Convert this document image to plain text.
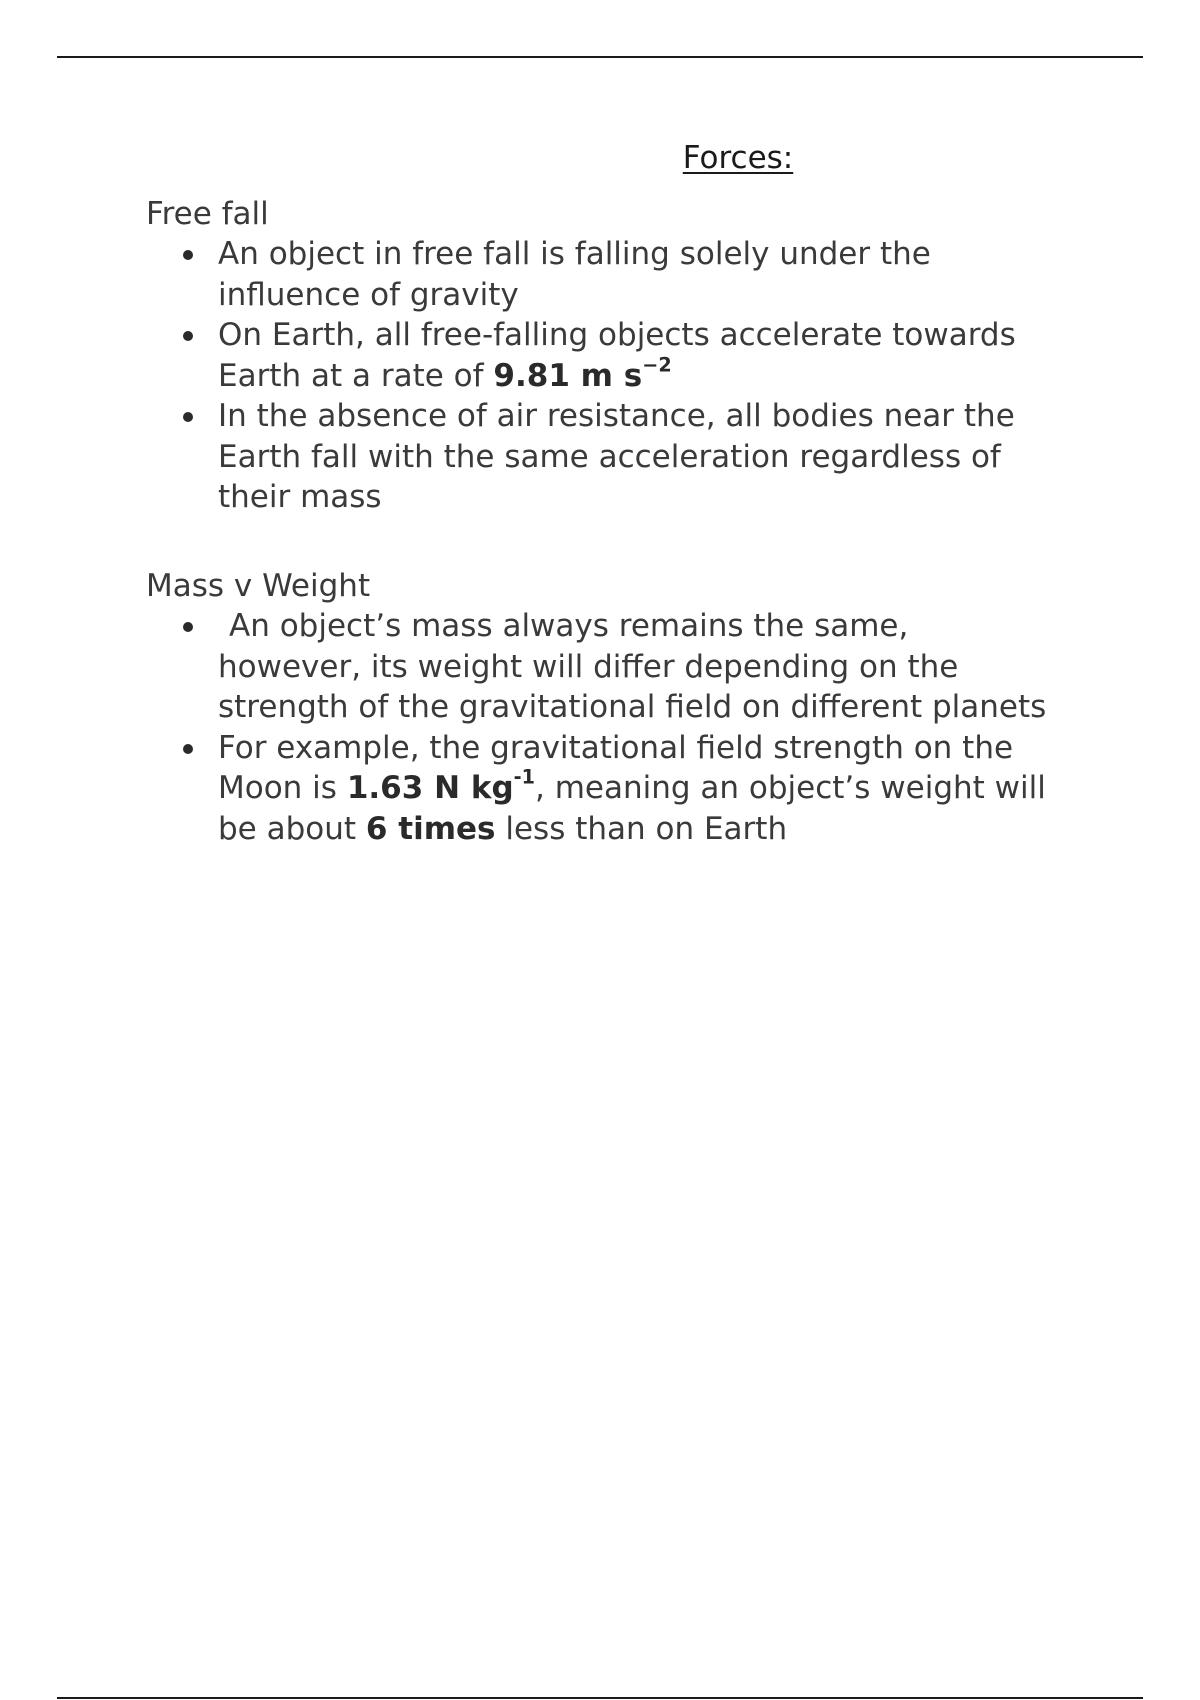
Forces:
Free fall
An object in free fall is falling solely under the
influence of gravity
On Earth, all free-falling objects accelerate towards
Earth at a rate of 9.81 m $s^{-2}$
In the absence of air resistance, all bodies near the
Earth fall with the same acceleration regardless of
their mass
Mass v Weight
An object’s mass always remains the same,
however, its weight will differ depending on the
strength of the gravitational field on different planets
For example, the gravitational field strength on the
Moon is 1.63 N $kg^{-1}$, meaning an object’s weight will
be about 6 times less than on Earth
